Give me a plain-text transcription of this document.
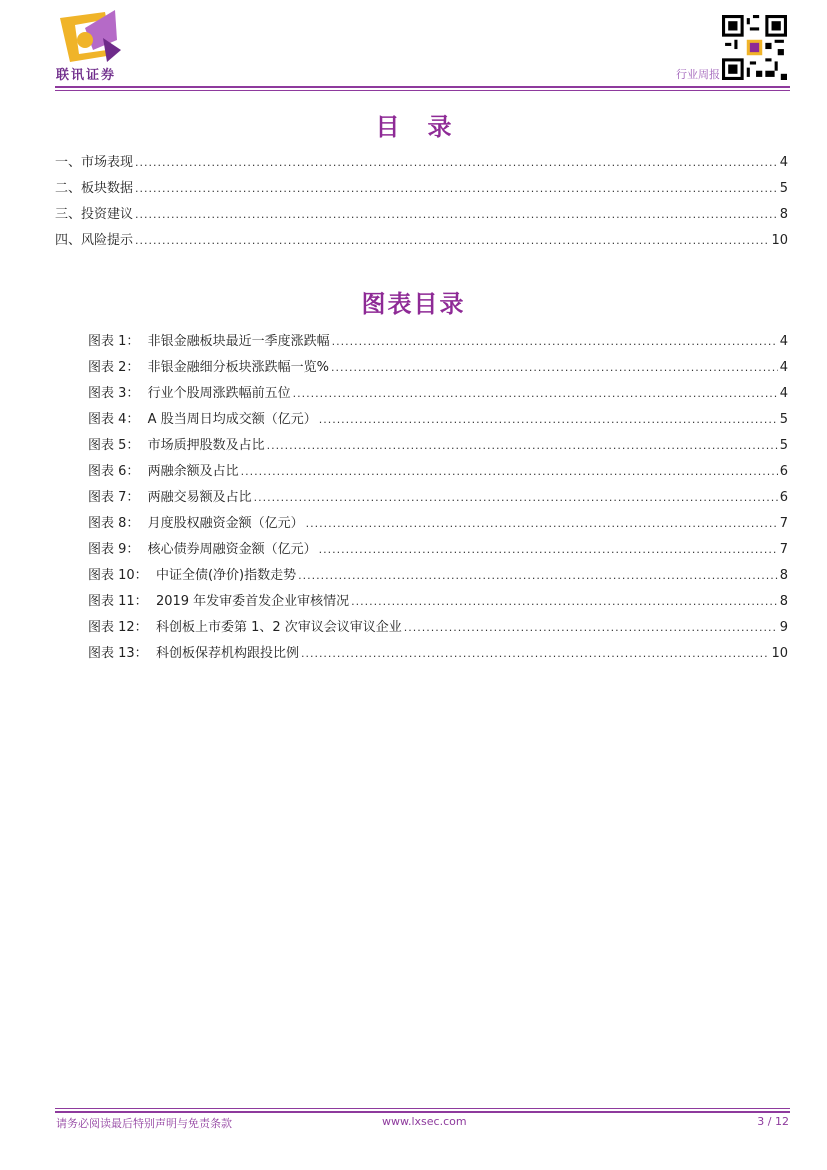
联讯证券	行业周报
目录
一、市场表现 .....	4
二、板块数据 .....	5
三、投资建议 .....	8
四、风险提示 .....	10
图表目录
图表 1：  非银金融板块最近一季度涨跌幅 .....	4
图表 2：  非银金融细分板块涨跌幅一览% .....	4
图表 3：  行业个股周涨跌幅前五位 .....	4
图表 4：  A 股当周日均成交额（亿元） .....	5
图表 5：  市场质押股数及占比 .....	5
图表 6：  两融余额及占比 .....	6
图表 7：  两融交易额及占比 .....	6
图表 8：  月度股权融资金额（亿元） .....	7
图表 9：  核心债券周融资金额（亿元） .....	7
图表 10：  中证全债(净价)指数走势 .....	8
图表 11：  2019 年发审委首发企业审核情况 .....	8
图表 12：  科创板上市委第 1、2 次审议会议审议企业 .....	9
图表 13：  科创板保荐机构跟投比例 .....	10
请务必阅读最后特别声明与免责条款	www.lxsec.com	3 / 12
